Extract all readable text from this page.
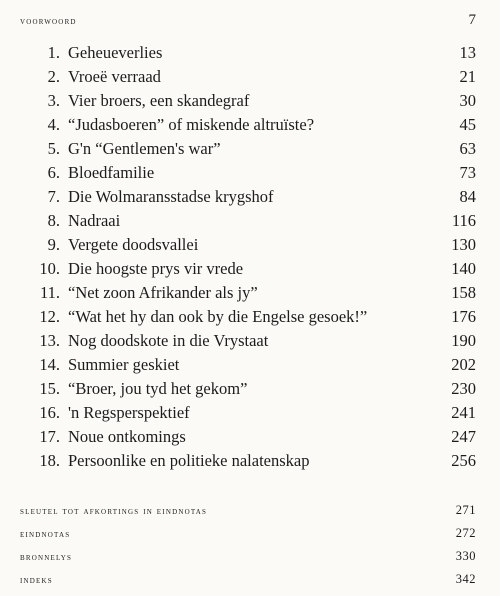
voorwoord	7
1. Geheueverlies	13
2. Vroeë verraad	21
3. Vier broers, een skandegraf	30
4. “Judasboeren” of miskende altruïste?	45
5. G'n “Gentlemen's war”	63
6. Bloedfamilie	73
7. Die Wolmaransstadse krygshof	84
8. Nadraai	116
9. Vergete doodsvallei	130
10. Die hoogste prys vir vrede	140
11. “Net zoon Afrikander als jy”	158
12. “Wat het hy dan ook by die Engelse gesoek!”	176
13. Nog doodskote in die Vrystaat	190
14. Summier geskiet	202
15. “Broer, jou tyd het gekom”	230
16. 'n Regsperspektief	241
17. Noue ontkomings	247
18. Persoonlike en politieke nalatenskap	256
sleutel tot afkortings in eindnotas	271
eindnotas	272
bronnelys	330
indeks	342
